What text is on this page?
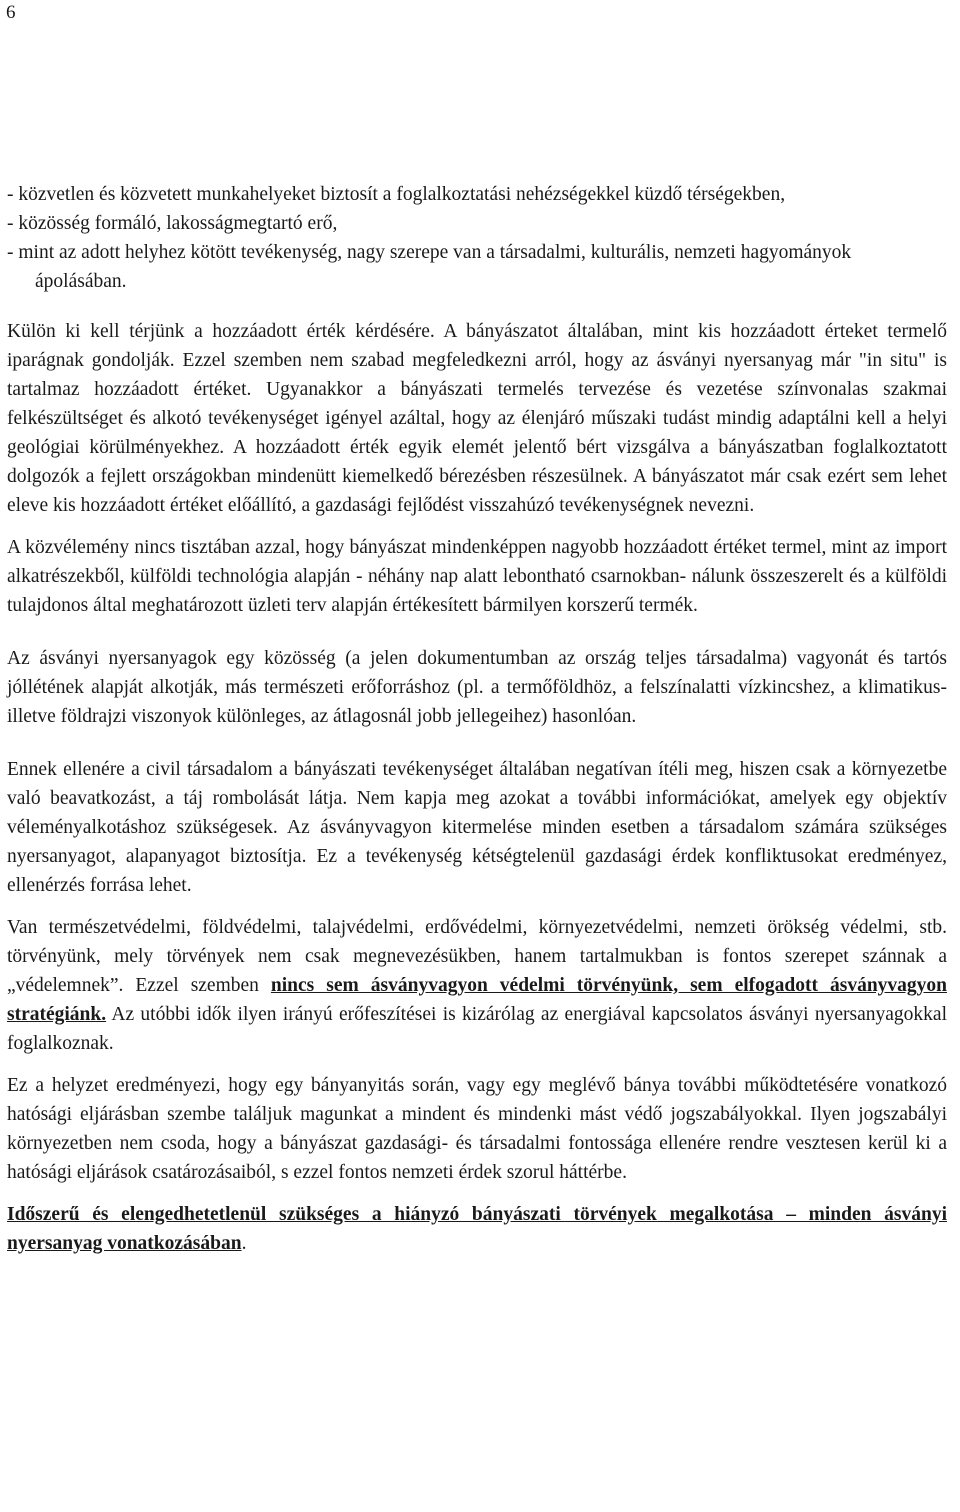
6
- közvetlen és közvetett munkahelyeket biztosít a foglalkoztatási nehézségekkel küzdő térségekben,
- közösség formáló, lakosságmegtartó erő,
- mint az adott helyhez kötött tevékenység, nagy szerepe van a társadalmi, kulturális, nemzeti hagyományok ápolásában.

Külön ki kell térjünk a hozzáadott érték kérdésére. A bányászatot általában, mint kis hozzáadott érteket termelő iparágnak gondolják. Ezzel szemben nem szabad megfeledkezni arról, hogy az ásványi nyersanyag már "in situ" is tartalmaz hozzáadott értéket. Ugyanakkor a bányászati termelés tervezése és vezetése színvonalas szakmai felkészültséget és alkotó tevékenységet igényel azáltal, hogy az élenjáró műszaki tudást mindig adaptálni kell a helyi geológiai körülményekhez. A hozzáadott érték egyik elemét jelentő bért vizsgálva a bányászatban foglalkoztatott dolgozók a fejlett országokban mindenütt kiemelkedő bérezésben részesülnek. A bányászatot már csak ezért sem lehet eleve kis hozzáadott értéket előállító, a gazdasági fejlődést visszahúzó tevékenységnek nevezni.

A közvélemény nincs tisztában azzal, hogy bányászat mindenképpen nagyobb hozzáadott értéket termel, mint az import alkatrészekből, külföldi technológia alapján - néhány nap alatt lebontható csarnokban- nálunk összeszerelt és a külföldi tulajdonos által meghatározott üzleti terv alapján értékesített bármilyen korszerű termék.

Az ásványi nyersanyagok egy közösség (a jelen dokumentumban az ország teljes társadalma) vagyonát és tartós jóllétének alapját alkotják, más természeti erőforráshoz (pl. a termőföldhöz, a felszínalatti vízkincshez, a klimatikus- illetve földrajzi viszonyok különleges, az átlagosnál jobb jellegeihez) hasonlóan.

Ennek ellenére a civil társadalom a bányászati tevékenységet általában negatívan ítéli meg, hiszen csak a környezetbe való beavatkozást, a táj rombolását látja. Nem kapja meg azokat a további információkat, amelyek egy objektív véleményalkotáshoz szükségesek. Az ásványvagyon kitermelése minden esetben a társadalom számára szükséges nyersanyagot, alapanyagot biztosítja. Ez a tevékenység kétségtelenül gazdasági érdek konfliktusokat eredményez, ellenérzés forrása lehet.

Van természetvédelmi, földvédelmi, talajvédelmi, erdővédelmi, környezetvédelmi, nemzeti örökség védelmi, stb. törvényünk, mely törvények nem csak megnevezésükben, hanem tartalmukban is fontos szerepet szánnak a „védelemnek”. Ezzel szemben nincs sem ásványvagyon védelmi törvényünk, sem elfogadott ásványvagyon stratégiánk. Az utóbbi idők ilyen irányú erőfeszítései is kizárólag az energiával kapcsolatos ásványi nyersanyagokkal foglalkoznak.

Ez a helyzet eredményezi, hogy egy bányanyitás során, vagy egy meglévő bánya további működtetésére vonatkozó hatósági eljárásban szembe találjuk magunkat a mindent és mindenki mást védő jogszabályokkal. Ilyen jogszabályi környezetben nem csoda, hogy a bányászat gazdasági- és társadalmi fontossága ellenére rendre vesztesen kerül ki a hatósági eljárások csatározásaiból, s ezzel fontos nemzeti érdek szorul háttérbe.

Időszerű és elengedhetetlenül szükséges a hiányzó bányászati törvények megalkotása – minden ásványi nyersanyag vonatkozásában.
